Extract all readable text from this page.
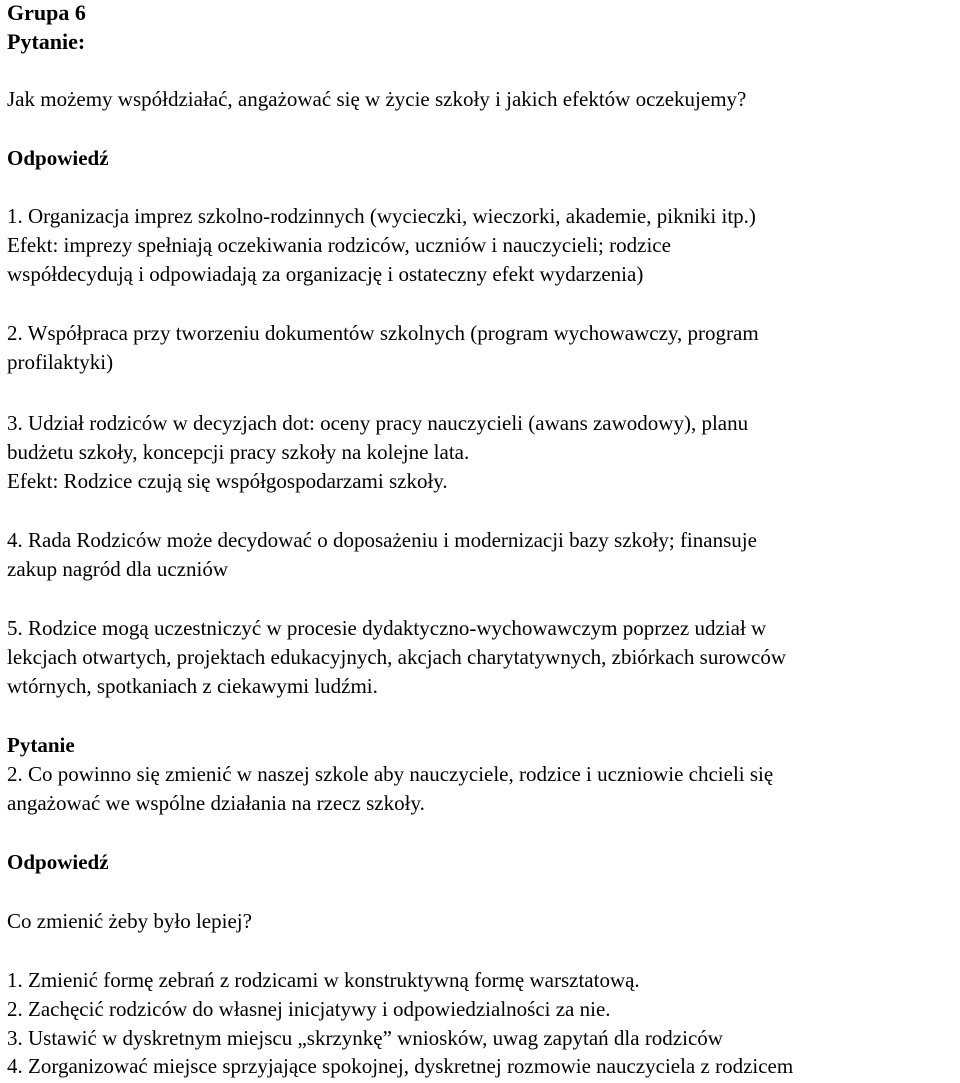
Grupa 6
Pytanie:
Jak możemy współdziałać, angażować się w życie szkoły i jakich efektów oczekujemy?
Odpowiedź
1. Organizacja imprez szkolno-rodzinnych (wycieczki, wieczorki, akademie, pikniki itp.)
Efekt: imprezy spełniają oczekiwania rodziców, uczniów i nauczycieli; rodzice
współdecydują i odpowiadają za organizację i ostateczny efekt wydarzenia)
2. Współpraca przy tworzeniu dokumentów szkolnych (program wychowawczy, program
profilaktyki)
3. Udział rodziców w decyzjach dot: oceny pracy nauczycieli (awans zawodowy), planu
budżetu szkoły, koncepcji pracy szkoły na kolejne lata.
Efekt: Rodzice czują się współgospodarzami szkoły.
4. Rada Rodziców może decydować o doposażeniu i modernizacji bazy szkoły; finansuje
zakup nagród dla uczniów
5. Rodzice mogą uczestniczyć w procesie dydaktyczno-wychowawczym poprzez udział w
lekcjach otwartych, projektach edukacyjnych, akcjach charytatywnych, zbiórkach surowców
wtórnych, spotkaniach z ciekawymi ludźmi.
Pytanie
2. Co powinno się zmienić w naszej szkole aby nauczyciele, rodzice i uczniowie chcieli się
angażować we wspólne działania na rzecz szkoły.
Odpowiedź
Co zmienić żeby było lepiej?
1. Zmienić formę zebrań z rodzicami w konstruktywną formę warsztatową.
2. Zachęcić rodziców do własnej inicjatywy i odpowiedzialności za nie.
3. Ustawić w dyskretnym miejscu „skrzynkę” wniosków, uwag zapytań dla rodziców
4. Zorganizować miejsce sprzyjające spokojnej, dyskretnej rozmowie nauczyciela z rodzicem
